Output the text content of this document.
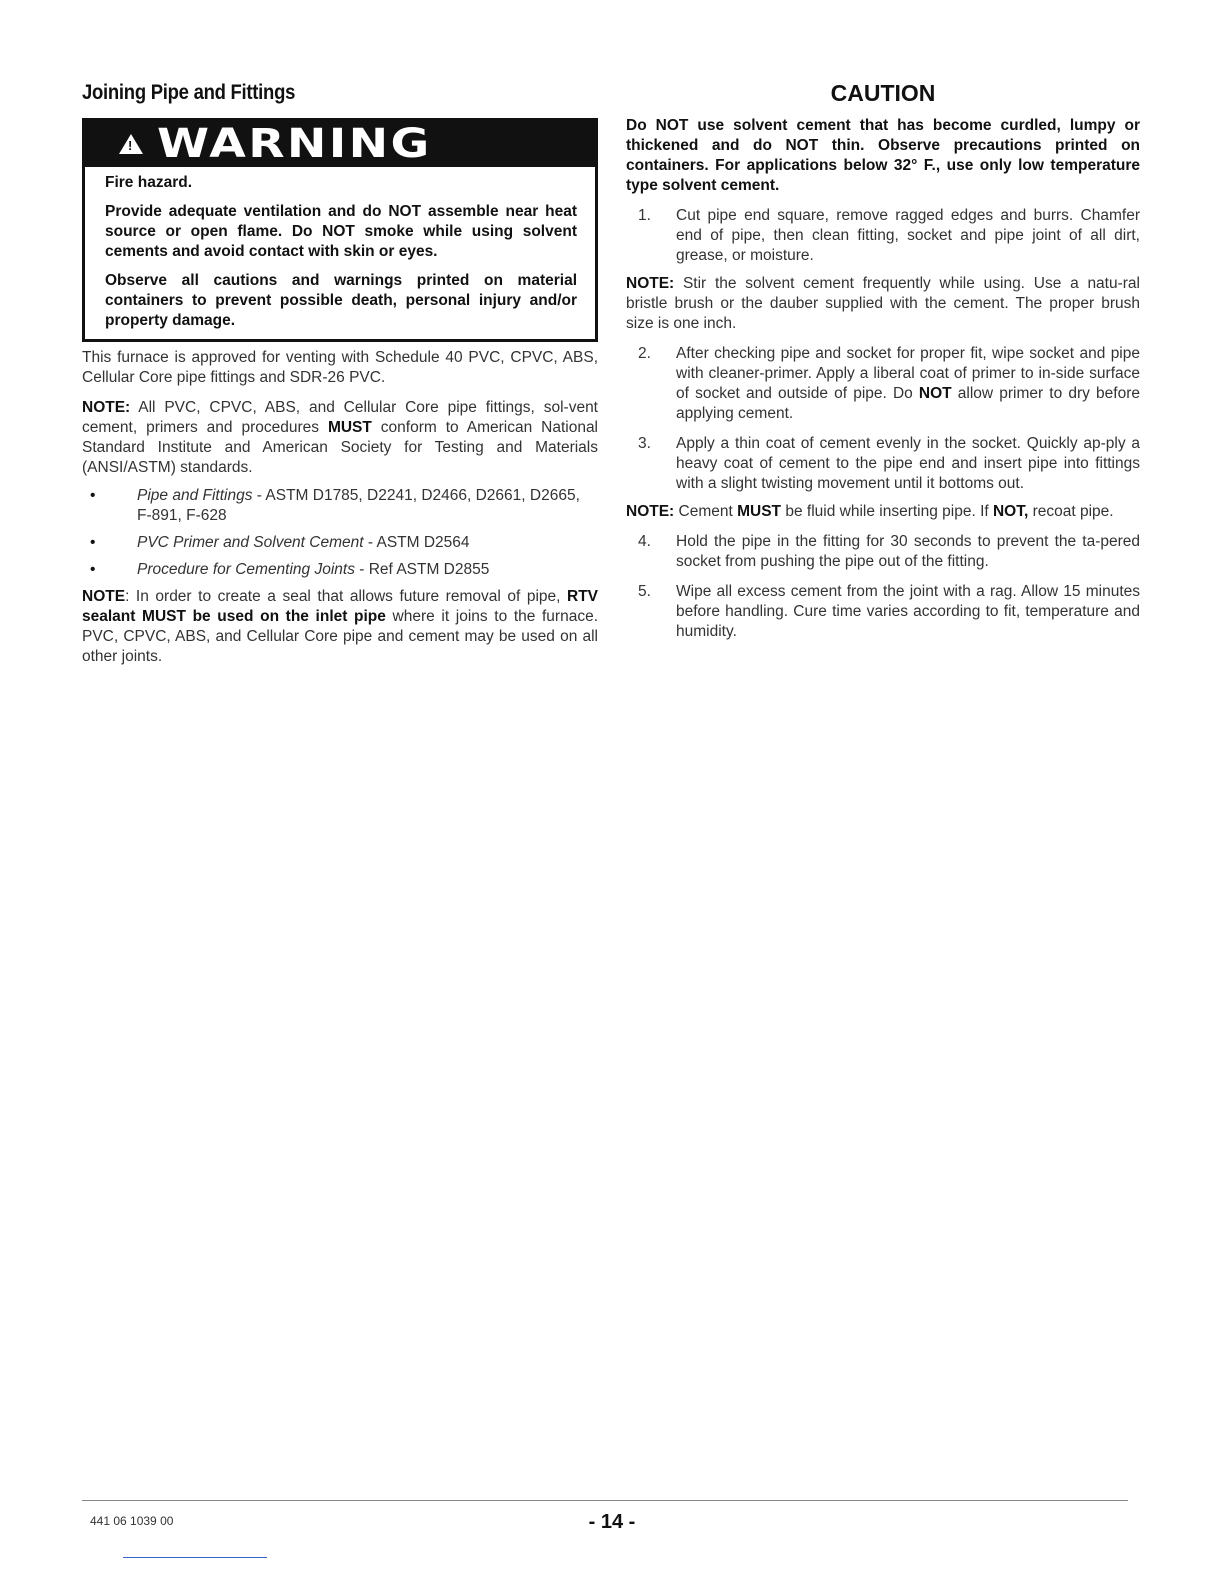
Joining Pipe and Fittings
! WARNING

Fire hazard.

Provide adequate ventilation and do NOT assemble near heat source or open flame. Do NOT smoke while using solvent cements and avoid contact with skin or eyes.

Observe all cautions and warnings printed on material containers to prevent possible death, personal injury and/or property damage.

This furnace is approved for venting with Schedule 40 PVC, CPVC, ABS, Cellular Core pipe fittings and SDR-26 PVC.

NOTE: All PVC, CPVC, ABS, and Cellular Core pipe fittings, sol-vent cement, primers and procedures MUST conform to American National Standard Institute and American Society for Testing and Materials (ANSI/ASTM) standards.

•	Pipe and Fittings - ASTM D1785, D2241, D2466, D2661, D2665, F-891, F-628
•	PVC Primer and Solvent Cement - ASTM D2564
•	Procedure for Cementing Joints - Ref ASTM D2855

NOTE: In order to create a seal that allows future removal of pipe, RTV sealant MUST be used on the inlet pipe where it joins to the furnace. PVC, CPVC, ABS, and Cellular Core pipe and cement may be used on all other joints.

CAUTION

Do NOT use solvent cement that has become curdled, lumpy or thickened and do NOT thin. Observe precautions printed on containers. For applications below 32° F., use only low temperature type solvent cement.

1.	Cut pipe end square, remove ragged edges and burrs. Chamfer end of pipe, then clean fitting, socket and pipe joint of all dirt, grease, or moisture.

NOTE: Stir the solvent cement frequently while using. Use a natu-ral bristle brush or the dauber supplied with the cement. The proper brush size is one inch.

2.	After checking pipe and socket for proper fit, wipe socket and pipe with cleaner-primer. Apply a liberal coat of primer to in-side surface of socket and outside of pipe. Do NOT allow primer to dry before applying cement.
3.	Apply a thin coat of cement evenly in the socket. Quickly ap-ply a heavy coat of cement to the pipe end and insert pipe into fittings with a slight twisting movement until it bottoms out.

NOTE: Cement MUST be fluid while inserting pipe. If NOT, recoat pipe.

4.	Hold the pipe in the fitting for 30 seconds to prevent the ta-pered socket from pushing the pipe out of the fitting.
5.	Wipe all excess cement from the joint with a rag. Allow 15 minutes before handling. Cure time varies according to fit, temperature and humidity.
441 06 1039 00	- 14 -
